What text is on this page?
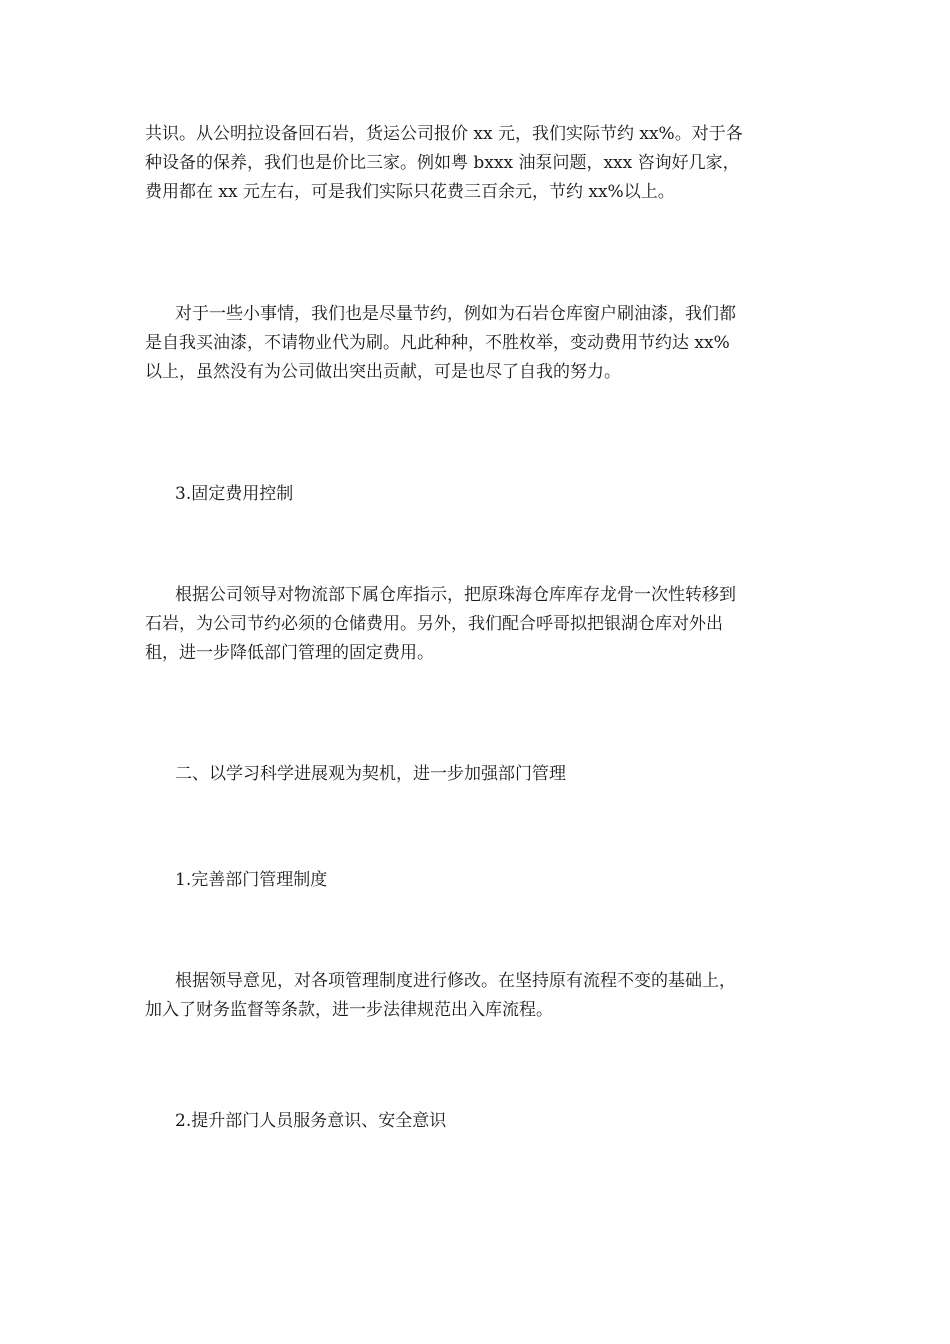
共识。从公明拉设备回石岩，货运公司报价 xx 元，我们实际节约 xx%。对于各
种设备的保养，我们也是价比三家。例如粤 bxxx 油泵问题，xxx 咨询好几家，
费用都在 xx 元左右，可是我们实际只花费三百余元，节约 xx%以上。

对于一些小事情，我们也是尽量节约，例如为石岩仓库窗户刷油漆，我们都
是自我买油漆，不请物业代为刷。凡此种种，不胜枚举，变动费用节约达 xx%
以上，虽然没有为公司做出突出贡献，可是也尽了自我的努力。

3.固定费用控制

根据公司领导对物流部下属仓库指示，把原珠海仓库库存龙骨一次性转移到
石岩，为公司节约必须的仓储费用。另外，我们配合呼哥拟把银湖仓库对外出
租，进一步降低部门管理的固定费用。

二、以学习科学进展观为契机，进一步加强部门管理

1.完善部门管理制度

根据领导意见，对各项管理制度进行修改。在坚持原有流程不变的基础上，
加入了财务监督等条款，进一步法律规范出入库流程。

2.提升部门人员服务意识、安全意识
